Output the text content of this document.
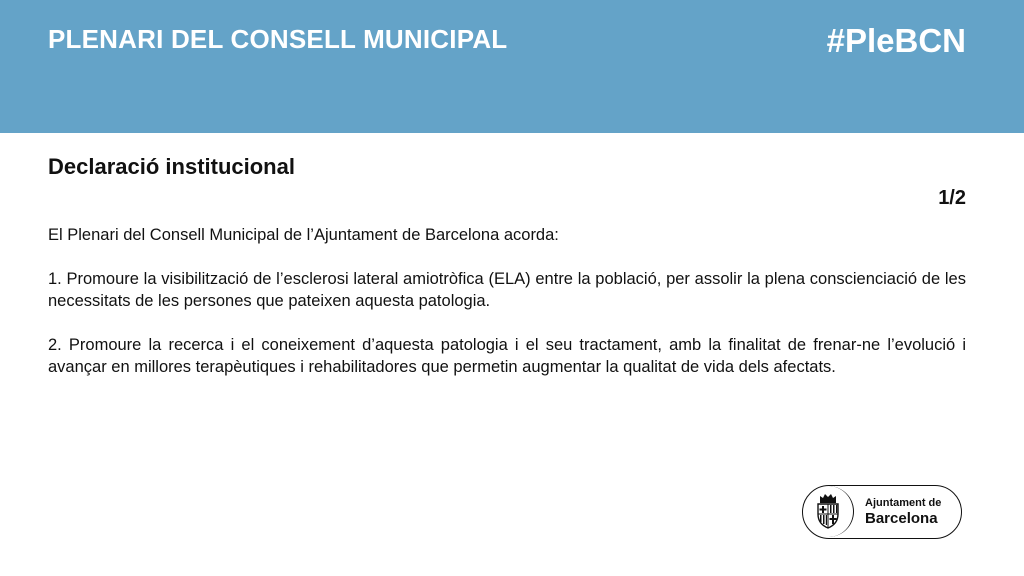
PLENARI DEL CONSELL MUNICIPAL	#PleBCN
Declaració institucional
1/2

El Plenari del Consell Municipal de l’Ajuntament de Barcelona acorda:

1. Promoure la visibilització de l’esclerosi lateral amiotròfica (ELA) entre la població, per assolir la plena conscienciació de les necessitats de les persones que pateixen aquesta patologia.

2. Promoure la recerca i el coneixement d’aquesta patologia i el seu tractament, amb la finalitat de frenar-ne l’evolució i avançar en millores terapèutiques i rehabilitadores que permetin augmentar la qualitat de vida dels afectats.

Ajuntament de
Barcelona
